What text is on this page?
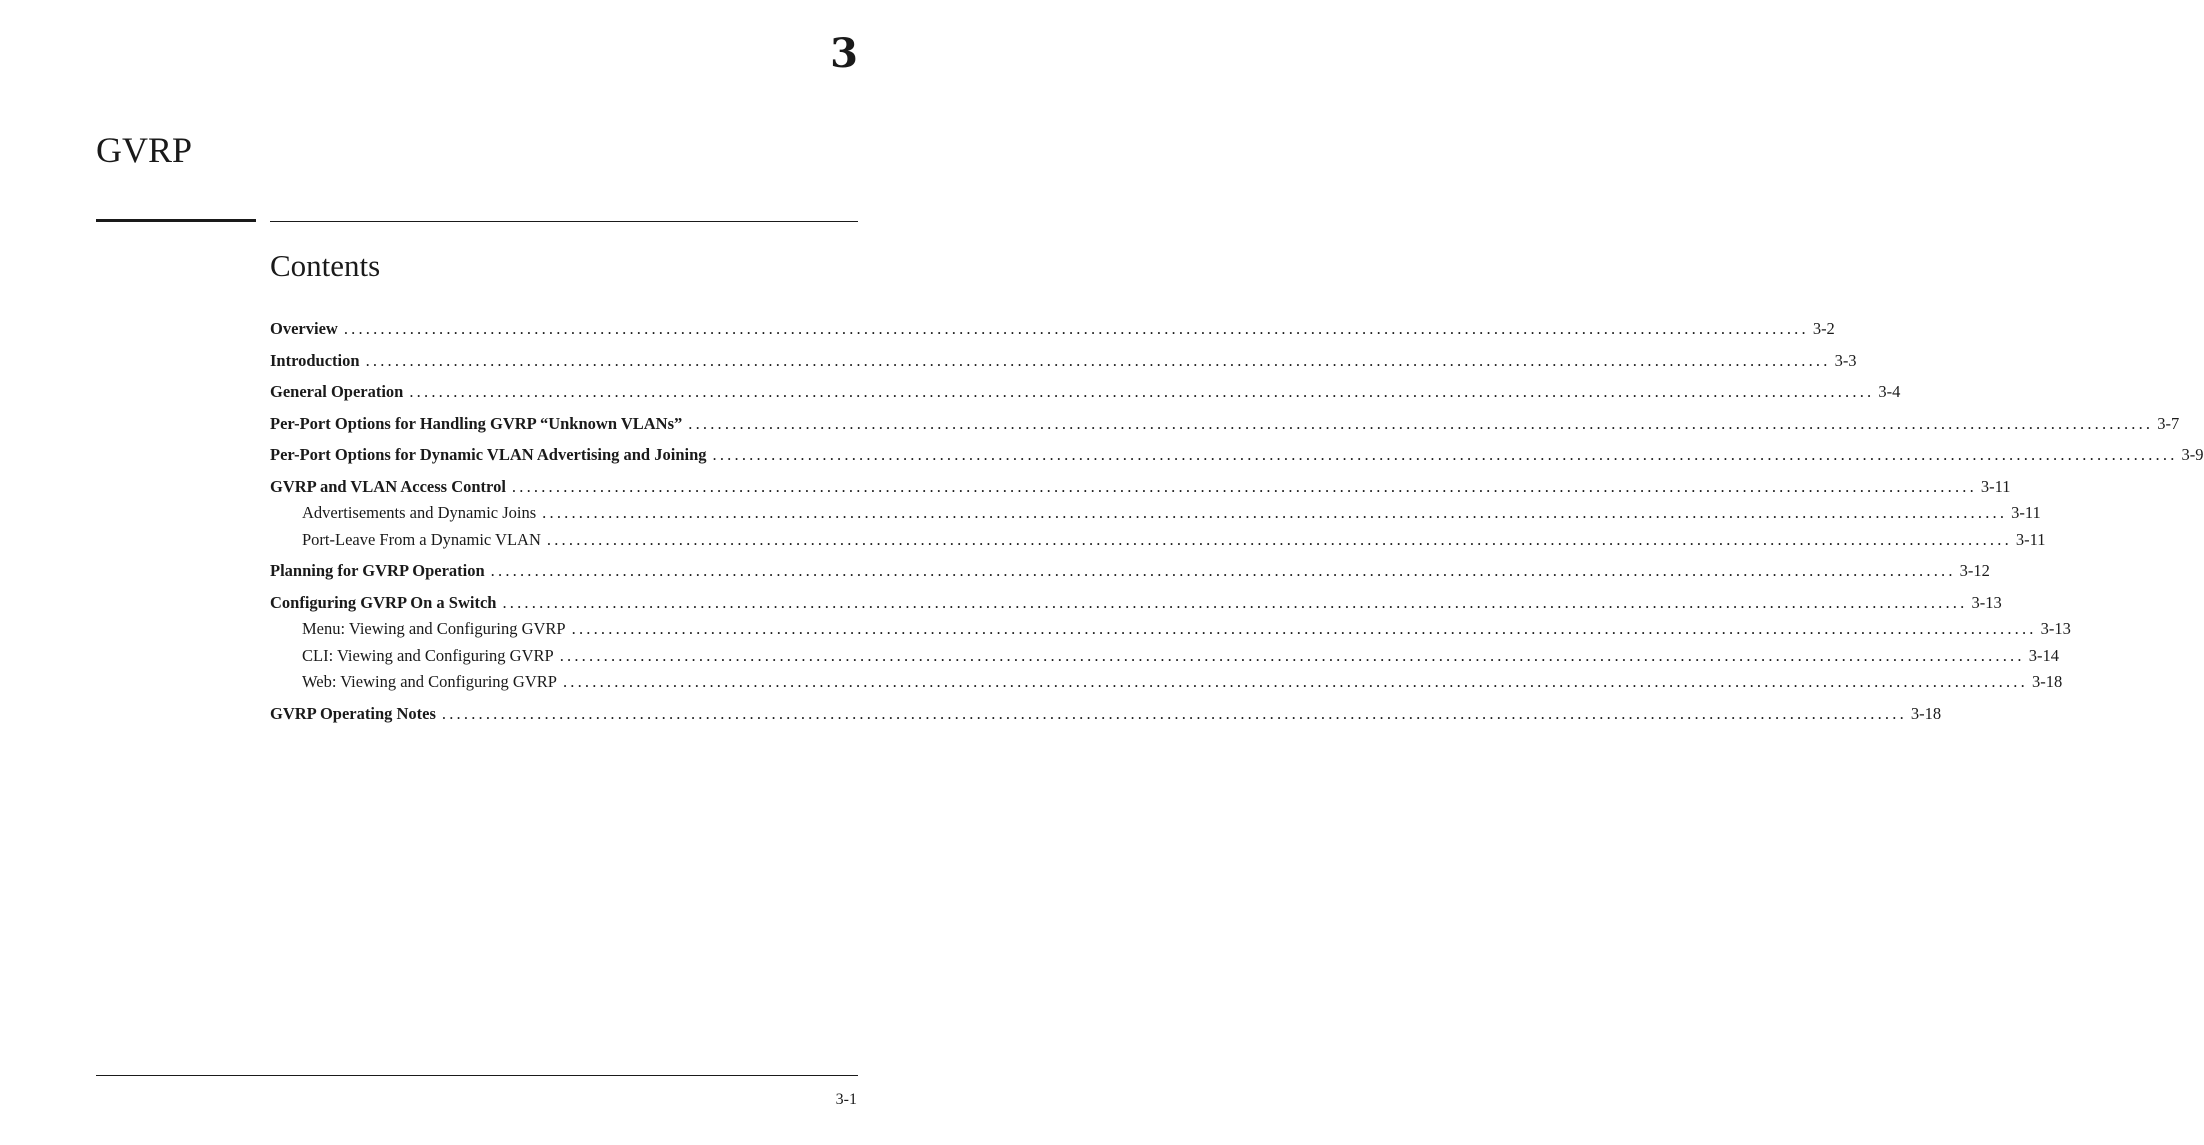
3
GVRP
Contents
Overview ........................................................................................................................................................................................................ 3-2
Introduction ........................................................................................................................................................................................................ 3-3
General Operation ........................................................................................................................................................................................................ 3-4
Per-Port Options for Handling GVRP “Unknown VLANs” ........................................................................................................................................................................................................ 3-7
Per-Port Options for Dynamic VLAN Advertising and Joining ........................................................................................................................................................................................................ 3-9
GVRP and VLAN Access Control ........................................................................................................................................................................................................ 3-11
Advertisements and Dynamic Joins ........................................................................................................................................................................................................ 3-11
Port-Leave From a Dynamic VLAN ........................................................................................................................................................................................................ 3-11
Planning for GVRP Operation ........................................................................................................................................................................................................ 3-12
Configuring GVRP On a Switch ........................................................................................................................................................................................................ 3-13
Menu: Viewing and Configuring GVRP ........................................................................................................................................................................................................ 3-13
CLI: Viewing and Configuring GVRP ........................................................................................................................................................................................................ 3-14
Web: Viewing and Configuring GVRP ........................................................................................................................................................................................................ 3-18
GVRP Operating Notes ........................................................................................................................................................................................................ 3-18
3-1
